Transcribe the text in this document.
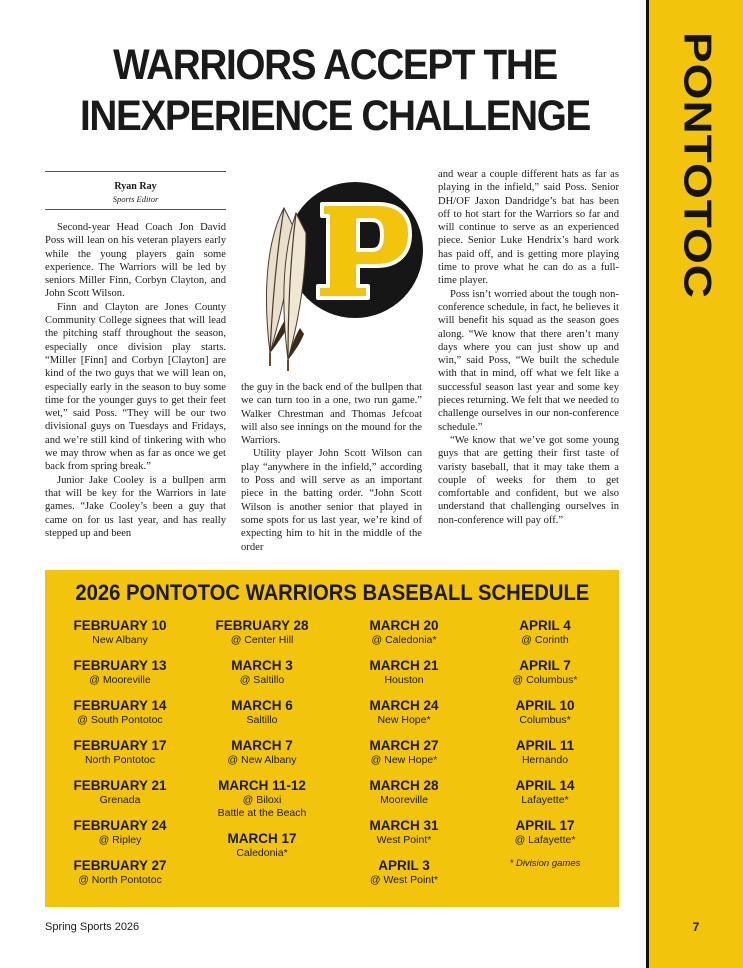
PONTOTOC
7
WARRIORS ACCEPT THE
INEXPERIENCE CHALLENGE
Ryan Ray
Sports Editor

Second-year Head Coach Jon David Poss will lean on his veteran players early while the young players gain some experience. The Warriors will be led by seniors Miller Finn, Corbyn Clayton, and John Scott Wilson.

Finn and Clayton are Jones County Community College signees that will lead the pitching staff throughout the season, especially once division play starts. “Miller [Finn] and Corbyn [Clayton] are kind of the two guys that we will lean on, especially early in the season to buy some time for the younger guys to get their feet wet,” said Poss. “They will be our two divisional guys on Tuesdays and Fridays, and we’re still kind of tinkering with who we may throw when as far as once we get back from spring break.”

Junior Jake Cooley is a bullpen arm that will be key for the Warriors in late games. “Jake Cooley’s been a guy that came on for us last year, and has really stepped up and been

the guy in the back end of the bullpen that we can turn too in a one, two run game.” Walker Chrestman and Thomas Jefcoat will also see innings on the mound for the Warriors.

Utility player John Scott Wilson can play “anywhere in the infield,” according to Poss and will serve as an important piece in the batting order. “John Scott Wilson is another senior that played in some spots for us last year, we’re kind of expecting him to hit in the middle of the order

and wear a couple different hats as far as playing in the infield,” said Poss. Senior DH/OF Jaxon Dandridge’s bat has been off to hot start for the Warriors so far and will continue to serve as an experienced piece. Senior Luke Hendrix’s hard work has paid off, and is getting more playing time to prove what he can do as a full-time player.

Poss isn’t worried about the tough non-conference schedule, in fact, he believes it will benefit his squad as the season goes along. “We know that there aren’t many days where you can just show up and win,” said Poss, “We built the schedule with that in mind, off what we felt like a successful season last year and some key pieces returning. We felt that we needed to challenge ourselves in our non-conference schedule.”

“We know that we’ve got some young guys that are getting their first taste of varisty baseball, that it may take them a couple of weeks for them to get comfortable and confident, but we also understand that challenging ourselves in non-conference will pay off.”

2026 PONTOTOC WARRIORS BASEBALL SCHEDULE
FEBRUARY 10
New Albany
FEBRUARY 13
@ Mooreville
FEBRUARY 14
@ South Pontotoc
FEBRUARY 17
North Pontotoc
FEBRUARY 21
Grenada
FEBRUARY 24
@ Ripley
FEBRUARY 27
@ North Pontotoc
FEBRUARY 28
@ Center Hill
MARCH 3
@ Saltillo
MARCH 6
Saltillo
MARCH 7
@ New Albany
MARCH 11-12
@ Biloxi
Battle at the Beach
MARCH 17
Caledonia*
MARCH 20
@ Caledonia*
MARCH 21
Houston
MARCH 24
New Hope*
MARCH 27
@ New Hope*
MARCH 28
Mooreville
MARCH 31
West Point*
APRIL 3
@ West Point*
APRIL 4
@ Corinth
APRIL 7
@ Columbus*
APRIL 10
Columbus*
APRIL 11
Hernando
APRIL 14
Lafayette*
APRIL 17
@ Lafayette*
* Division games
Spring Sports 2026
